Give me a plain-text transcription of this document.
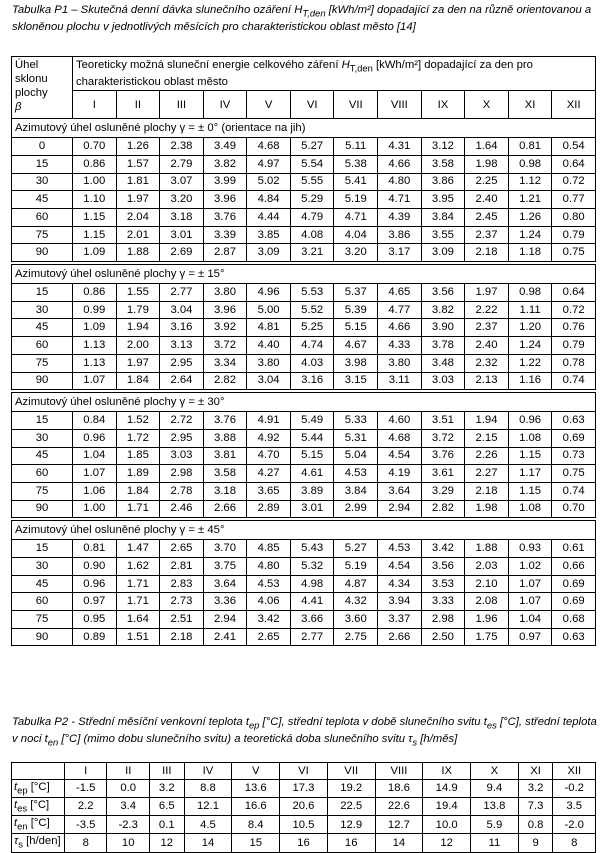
Tabulka P1 – Skutečná denní dávka slunečního ozáření $H_{T,den}$ [kWh/m²] dopadající za den na různě orientovanou a skloněnou plochu v jednotlivých měsících pro charakteristickou oblast město [14]
Úhel
sklonu
plochy
β	Teoreticky možná sluneční energie celkového záření $H_{T,den}$ [kWh/m²] dopadající za den pro charakteristickou oblast město											
	I	II	III	IV	V	VI	VII	VIII	IX	X	XI	XII
Azimutový úhel osluněné plochy γ = ± 0° (orientace na jih)												
0	0.70	1.26	2.38	3.49	4.68	5.27	5.11	4.31	3.12	1.64	0.81	0.54
15	0.86	1.57	2.79	3.82	4.97	5.54	5.38	4.66	3.58	1.98	0.98	0.64
30	1.00	1.81	3.07	3.99	5.02	5.55	5.41	4.80	3.86	2.25	1.12	0.72
45	1.10	1.97	3.20	3.96	4.84	5.29	5.19	4.71	3.95	2.40	1.21	0.77
60	1.15	2.04	3.18	3.76	4.44	4.79	4.71	4.39	3.84	2.45	1.26	0.80
75	1.15	2.01	3.01	3.39	3.85	4.08	4.04	3.86	3.55	2.37	1.24	0.79
90	1.09	1.88	2.69	2.87	3.09	3.21	3.20	3.17	3.09	2.18	1.18	0.75

Azimutový úhel osluněné plochy γ = ± 15°												
15	0.86	1.55	2.77	3.80	4.96	5.53	5.37	4.65	3.56	1.97	0.98	0.64
30	0.99	1.79	3.04	3.96	5.00	5.52	5.39	4.77	3.82	2.22	1.11	0.72
45	1.09	1.94	3.16	3.92	4.81	5.25	5.15	4.66	3.90	2.37	1.20	0.76
60	1.13	2.00	3.13	3.72	4.40	4.74	4.67	4.33	3.78	2.40	1.24	0.79
75	1.13	1.97	2.95	3.34	3.80	4.03	3.98	3.80	3.48	2.32	1.22	0.78
90	1.07	1.84	2.64	2.82	3.04	3.16	3.15	3.11	3.03	2.13	1.16	0.74

Azimutový úhel osluněné plochy γ = ± 30°												
15	0.84	1.52	2.72	3.76	4.91	5.49	5.33	4.60	3.51	1.94	0.96	0.63
30	0.96	1.72	2.95	3.88	4.92	5.44	5.31	4.68	3.72	2.15	1.08	0.69
45	1.04	1.85	3.03	3.81	4.70	5.15	5.04	4.54	3.76	2.26	1.15	0.73
60	1.07	1.89	2.98	3.58	4.27	4.61	4.53	4.19	3.61	2.27	1.17	0.75
75	1.06	1.84	2.78	3.18	3.65	3.89	3.84	3.64	3.29	2.18	1.15	0.74
90	1.00	1.71	2.46	2.66	2.89	3.01	2.99	2.94	2.82	1.98	1.08	0.70

Azimutový úhel osluněné plochy γ = ± 45°												
15	0.81	1.47	2.65	3.70	4.85	5.43	5.27	4.53	3.42	1.88	0.93	0.61
30	0.90	1.62	2.81	3.75	4.80	5.32	5.19	4.54	3.56	2.03	1.02	0.66
45	0.96	1.71	2.83	3.64	4.53	4.98	4.87	4.34	3.53	2.10	1.07	0.69
60	0.97	1.71	2.73	3.36	4.06	4.41	4.32	3.94	3.33	2.08	1.07	0.69
75	0.95	1.64	2.51	2.94	3.42	3.66	3.60	3.37	2.98	1.96	1.04	0.68
90	0.89	1.51	2.18	2.41	2.65	2.77	2.75	2.66	2.50	1.75	0.97	0.63
Tabulka P2 - Střední měsíční venkovní teplota $t_{ep}$ [°C], střední teplota v době slunečního svitu $t_{es}$ [°C], střední teplota v noci $t_{en}$ [°C] (mimo dobu slunečního svitu) a teoretická doba slunečního svitu $\tau_s$ [h/měs]
	I	II	III	IV	V	VI	VII	VIII	IX	X	XI	XII
$t_{ep}$ [°C]	-1.5	0.0	3.2	8.8	13.6	17.3	19.2	18.6	14.9	9.4	3.2	-0.2
$t_{es}$ [°C]	2.2	3.4	6.5	12.1	16.6	20.6	22.5	22.6	19.4	13.8	7.3	3.5
$t_{en}$ [°C]	-3.5	-2.3	0.1	4.5	8.4	10.5	12.9	12.7	10.0	5.9	0.8	-2.0
$\tau_s$ [h/den]	8	10	12	14	15	16	16	14	12	11	9	8
